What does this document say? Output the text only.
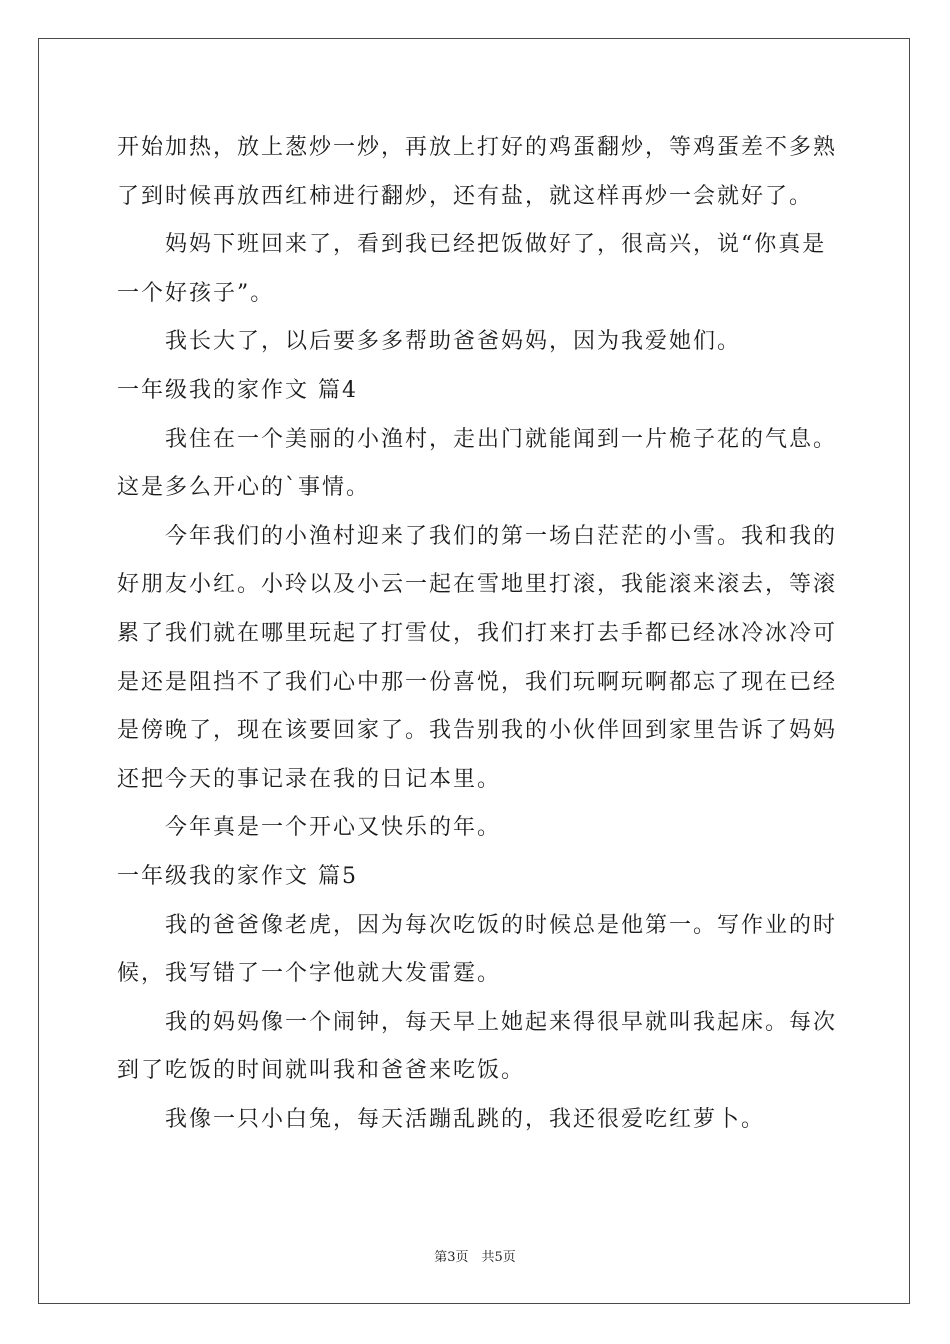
开始加热，放上葱炒一炒，再放上打好的鸡蛋翻炒，等鸡蛋差不多熟
了到时候再放西红柿进行翻炒，还有盐，就这样再炒一会就好了。
妈妈下班回来了，看到我已经把饭做好了，很高兴，说“你真是
一个好孩子”。
我长大了，以后要多多帮助爸爸妈妈，因为我爱她们。
一年级我的家作文 篇4
我住在一个美丽的小渔村，走出门就能闻到一片桅子花的气息。
这是多么开心的`事情。
今年我们的小渔村迎来了我们的第一场白茫茫的小雪。我和我的
好朋友小红。小玲以及小云一起在雪地里打滚，我能滚来滚去，等滚
累了我们就在哪里玩起了打雪仗，我们打来打去手都已经冰冷冰冷可
是还是阻挡不了我们心中那一份喜悦，我们玩啊玩啊都忘了现在已经
是傍晚了，现在该要回家了。我告别我的小伙伴回到家里告诉了妈妈
还把今天的事记录在我的日记本里。
今年真是一个开心又快乐的年。
一年级我的家作文 篇5
我的爸爸像老虎，因为每次吃饭的时候总是他第一。写作业的时
候，我写错了一个字他就大发雷霆。
我的妈妈像一个闹钟，每天早上她起来得很早就叫我起床。每次
到了吃饭的时间就叫我和爸爸来吃饭。
我像一只小白兔，每天活蹦乱跳的，我还很爱吃红萝卜。
第3页　共5页
